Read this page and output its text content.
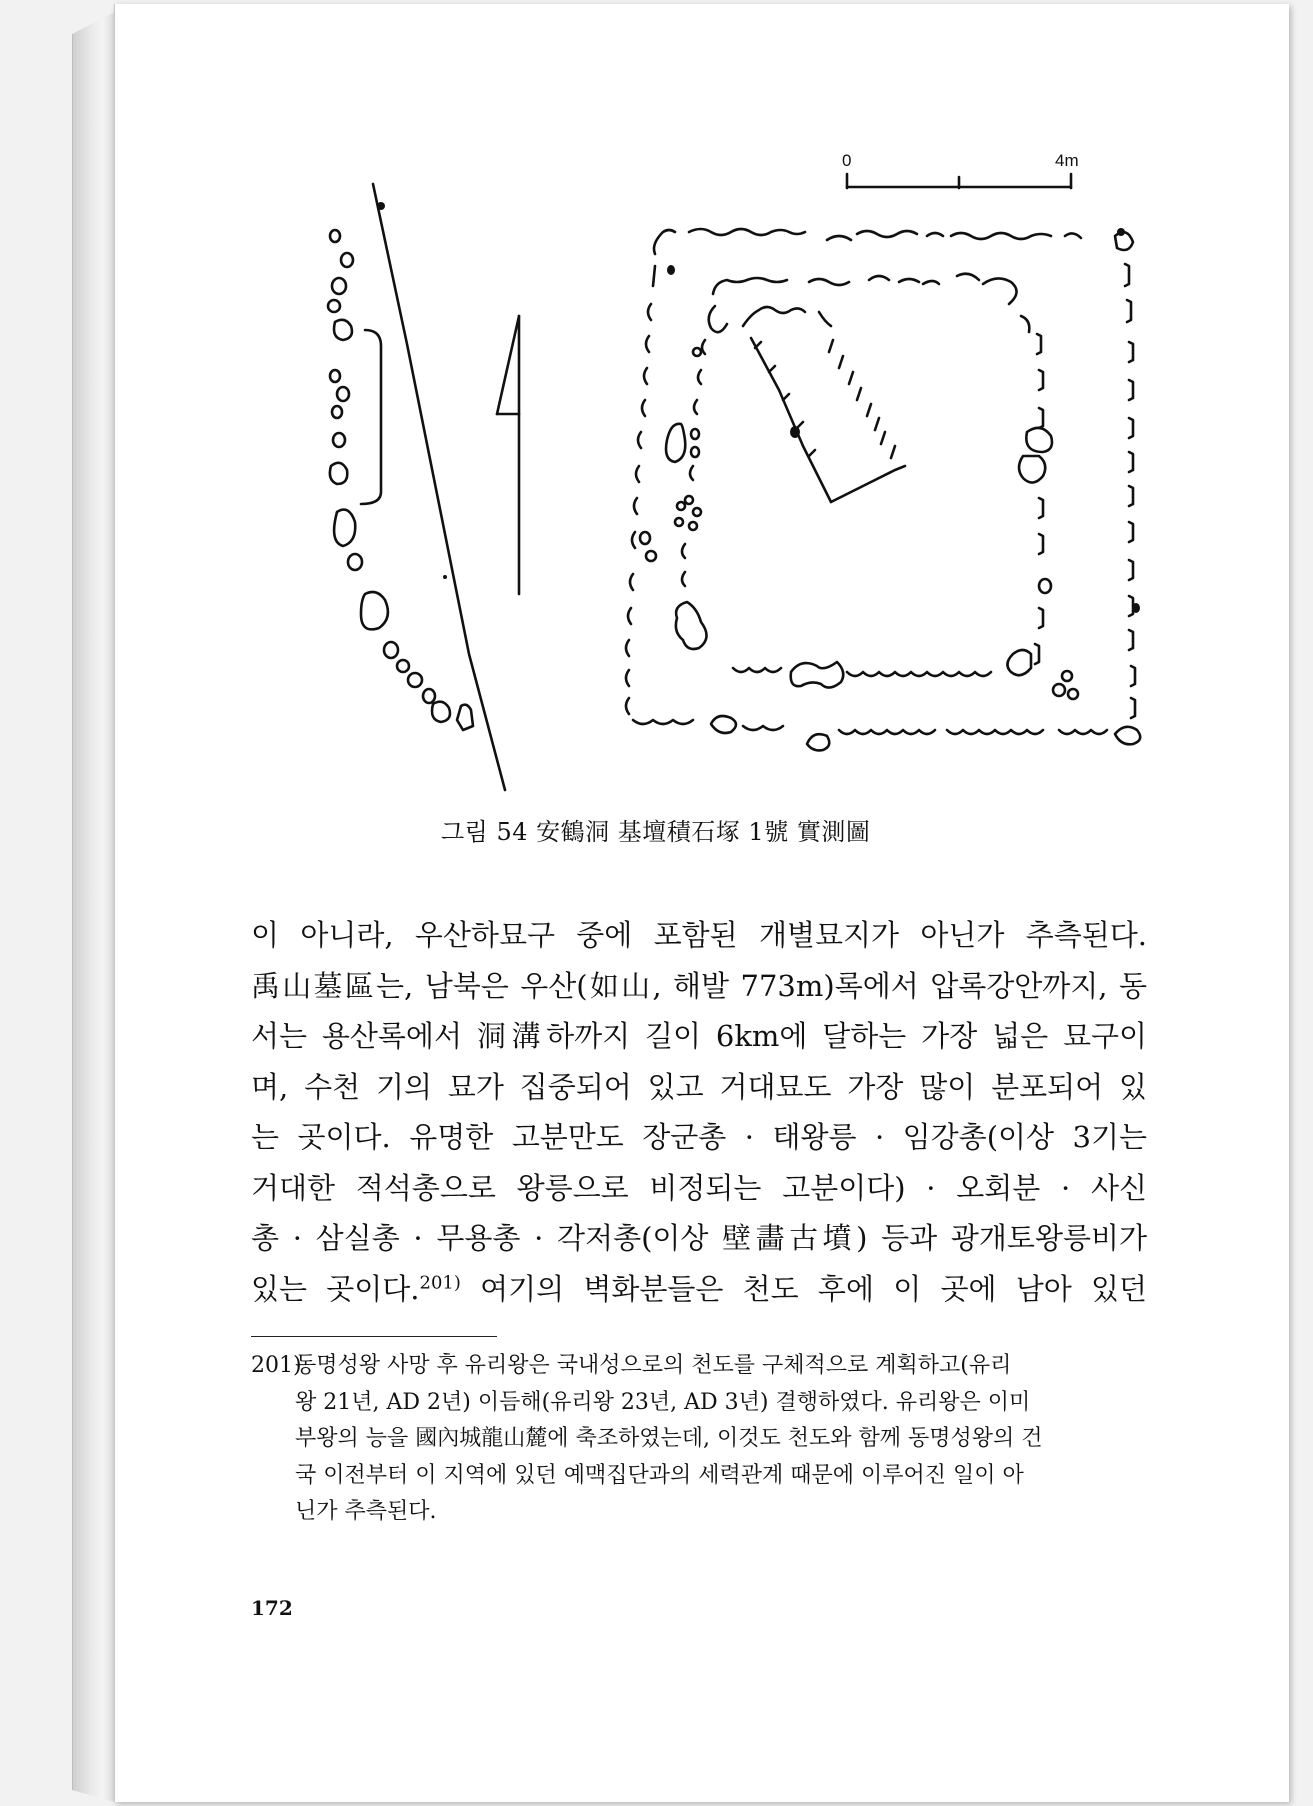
0	4m
그림 54 安鶴洞 基壇積石塚 1號 實測圖

이 아니라, 우산하묘구 중에 포함된 개별묘지가 아닌가 추측된다.

禹山墓區는, 남북은 우산(如山, 해발 773m)록에서 압록강안까지, 동

서는 용산록에서 洞溝하까지 길이 6km에 달하는 가장 넓은 묘구이

며, 수천 기의 묘가 집중되어 있고 거대묘도 가장 많이 분포되어 있

는 곳이다. 유명한 고분만도 장군총 · 태왕릉 · 임강총(이상 3기는

거대한 적석총으로 왕릉으로 비정되는 고분이다) · 오회분 · 사신

총 · 삼실총 · 무용총 · 각저총(이상 壁畵古墳) 등과 광개토왕릉비가

있는 곳이다.$^{201)}$ 여기의 벽화분들은 천도 후에 이 곳에 남아 있던

201)

동명성왕 사망 후 유리왕은 국내성으로의 천도를 구체적으로 계획하고(유리

왕 21년, AD 2년) 이듬해(유리왕 23년, AD 3년) 결행하였다. 유리왕은 이미

부왕의 능을 國內城龍山麓에 축조하였는데, 이것도 천도와 함께 동명성왕의 건

국 이전부터 이 지역에 있던 예맥집단과의 세력관계 때문에 이루어진 일이 아

닌가 추측된다.

172
